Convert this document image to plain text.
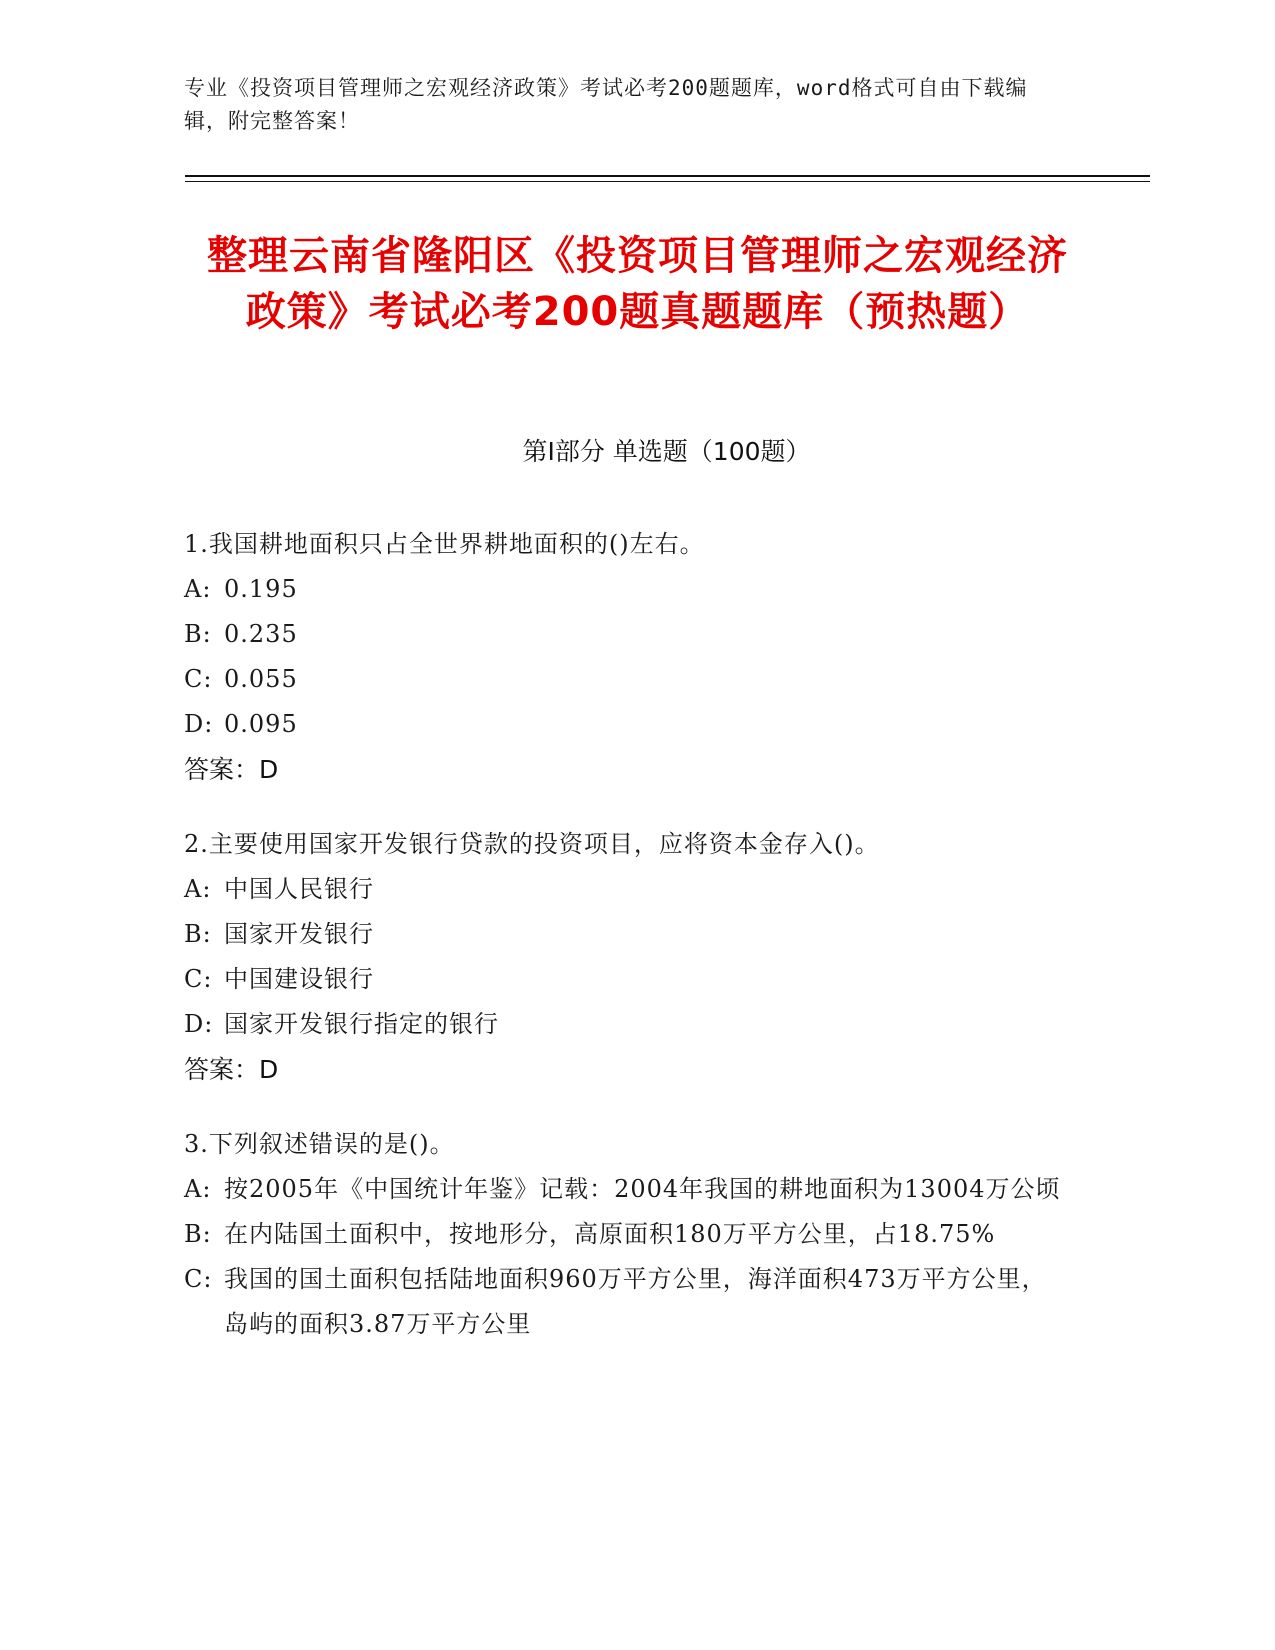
专业《投资项目管理师之宏观经济政策》考试必考200题题库，word格式可自由下载编辑，附完整答案！
整理云南省隆阳区《投资项目管理师之宏观经济政策》考试必考200题真题题库（预热题）
第Ⅰ部分 单选题（100题）
1.我国耕地面积只占全世界耕地面积的()左右。
A: 0.195
B: 0.235
C: 0.055
D: 0.095
答案：D
2.主要使用国家开发银行贷款的投资项目，应将资本金存入()。
A: 中国人民银行
B: 国家开发银行
C: 中国建设银行
D: 国家开发银行指定的银行
答案：D
3.下列叙述错误的是()。
A: 按2005年《中国统计年鉴》记载：2004年我国的耕地面积为13004万公顷
B: 在内陆国土面积中，按地形分，高原面积180万平方公里，占18.75%
C: 我国的国土面积包括陆地面积960万平方公里，海洋面积473万平方公里，岛屿的面积3.87万平方公里
